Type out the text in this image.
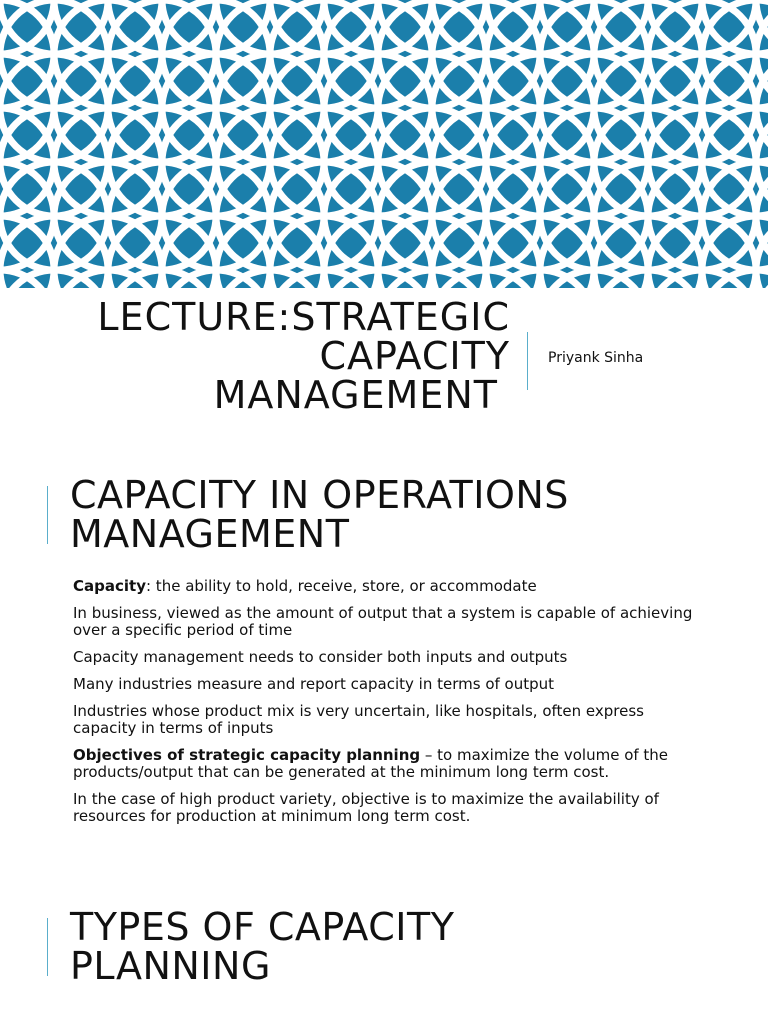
LECTURE:STRATEGIC
CAPACITY
MANAGEMENT
Priyank Sinha
CAPACITY IN OPERATIONS
MANAGEMENT
Capacity: the ability to hold, receive, store, or accommodate
In business, viewed as the amount of output that a system is capable of achieving over a specific period of time
Capacity management needs to consider both inputs and outputs
Many industries measure and report capacity in terms of output
Industries whose product mix is very uncertain, like hospitals, often express capacity in terms of inputs
Objectives of strategic capacity planning – to maximize the volume of the products/output that can be generated at the minimum long term cost.
In the case of high product variety, objective is to maximize the availability of resources for production at minimum long term cost.
TYPES OF CAPACITY
PLANNING
